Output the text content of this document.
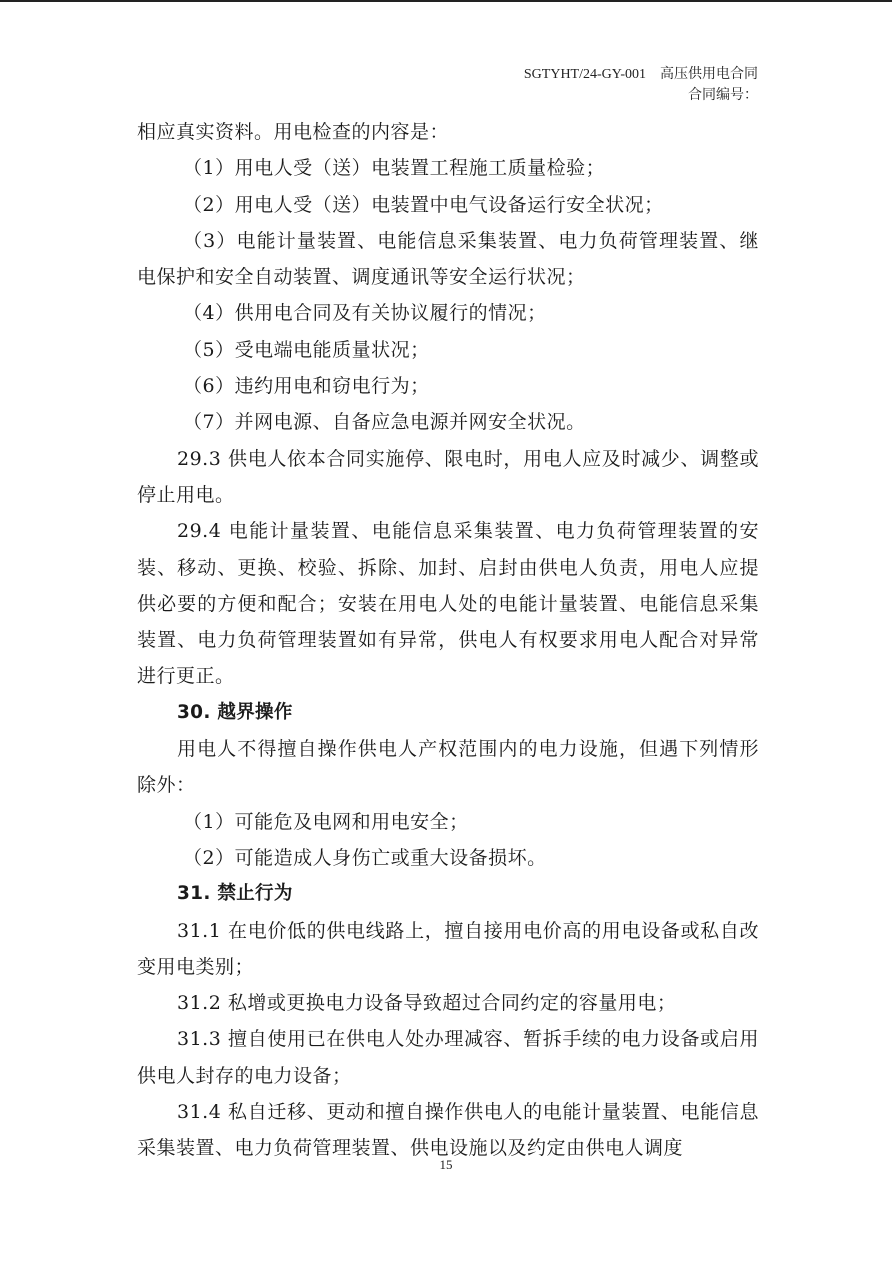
SGTYHT/24-GY-001 高压供用电合同
合同编号：

相应真实资料。用电检查的内容是：

（1）用电人受（送）电装置工程施工质量检验；

（2）用电人受（送）电装置中电气设备运行安全状况；

（3）电能计量装置、电能信息采集装置、电力负荷管理装置、继电保护和安全自动装置、调度通讯等安全运行状况；

（4）供用电合同及有关协议履行的情况；

（5）受电端电能质量状况；

（6）违约用电和窃电行为；

（7）并网电源、自备应急电源并网安全状况。

29.3 供电人依本合同实施停、限电时，用电人应及时减少、调整或停止用电。

29.4 电能计量装置、电能信息采集装置、电力负荷管理装置的安装、移动、更换、校验、拆除、加封、启封由供电人负责，用电人应提供必要的方便和配合；安装在用电人处的电能计量装置、电能信息采集装置、电力负荷管理装置如有异常，供电人有权要求用电人配合对异常进行更正。

30. 越界操作

用电人不得擅自操作供电人产权范围内的电力设施，但遇下列情形除外：

（1）可能危及电网和用电安全；

（2）可能造成人身伤亡或重大设备损坏。

31. 禁止行为

31.1 在电价低的供电线路上，擅自接用电价高的用电设备或私自改变用电类别；

31.2 私增或更换电力设备导致超过合同约定的容量用电；

31.3 擅自使用已在供电人处办理减容、暂拆手续的电力设备或启用供电人封存的电力设备；

31.4 私自迁移、更动和擅自操作供电人的电能计量装置、电能信息采集装置、电力负荷管理装置、供电设施以及约定由供电人调度

15
